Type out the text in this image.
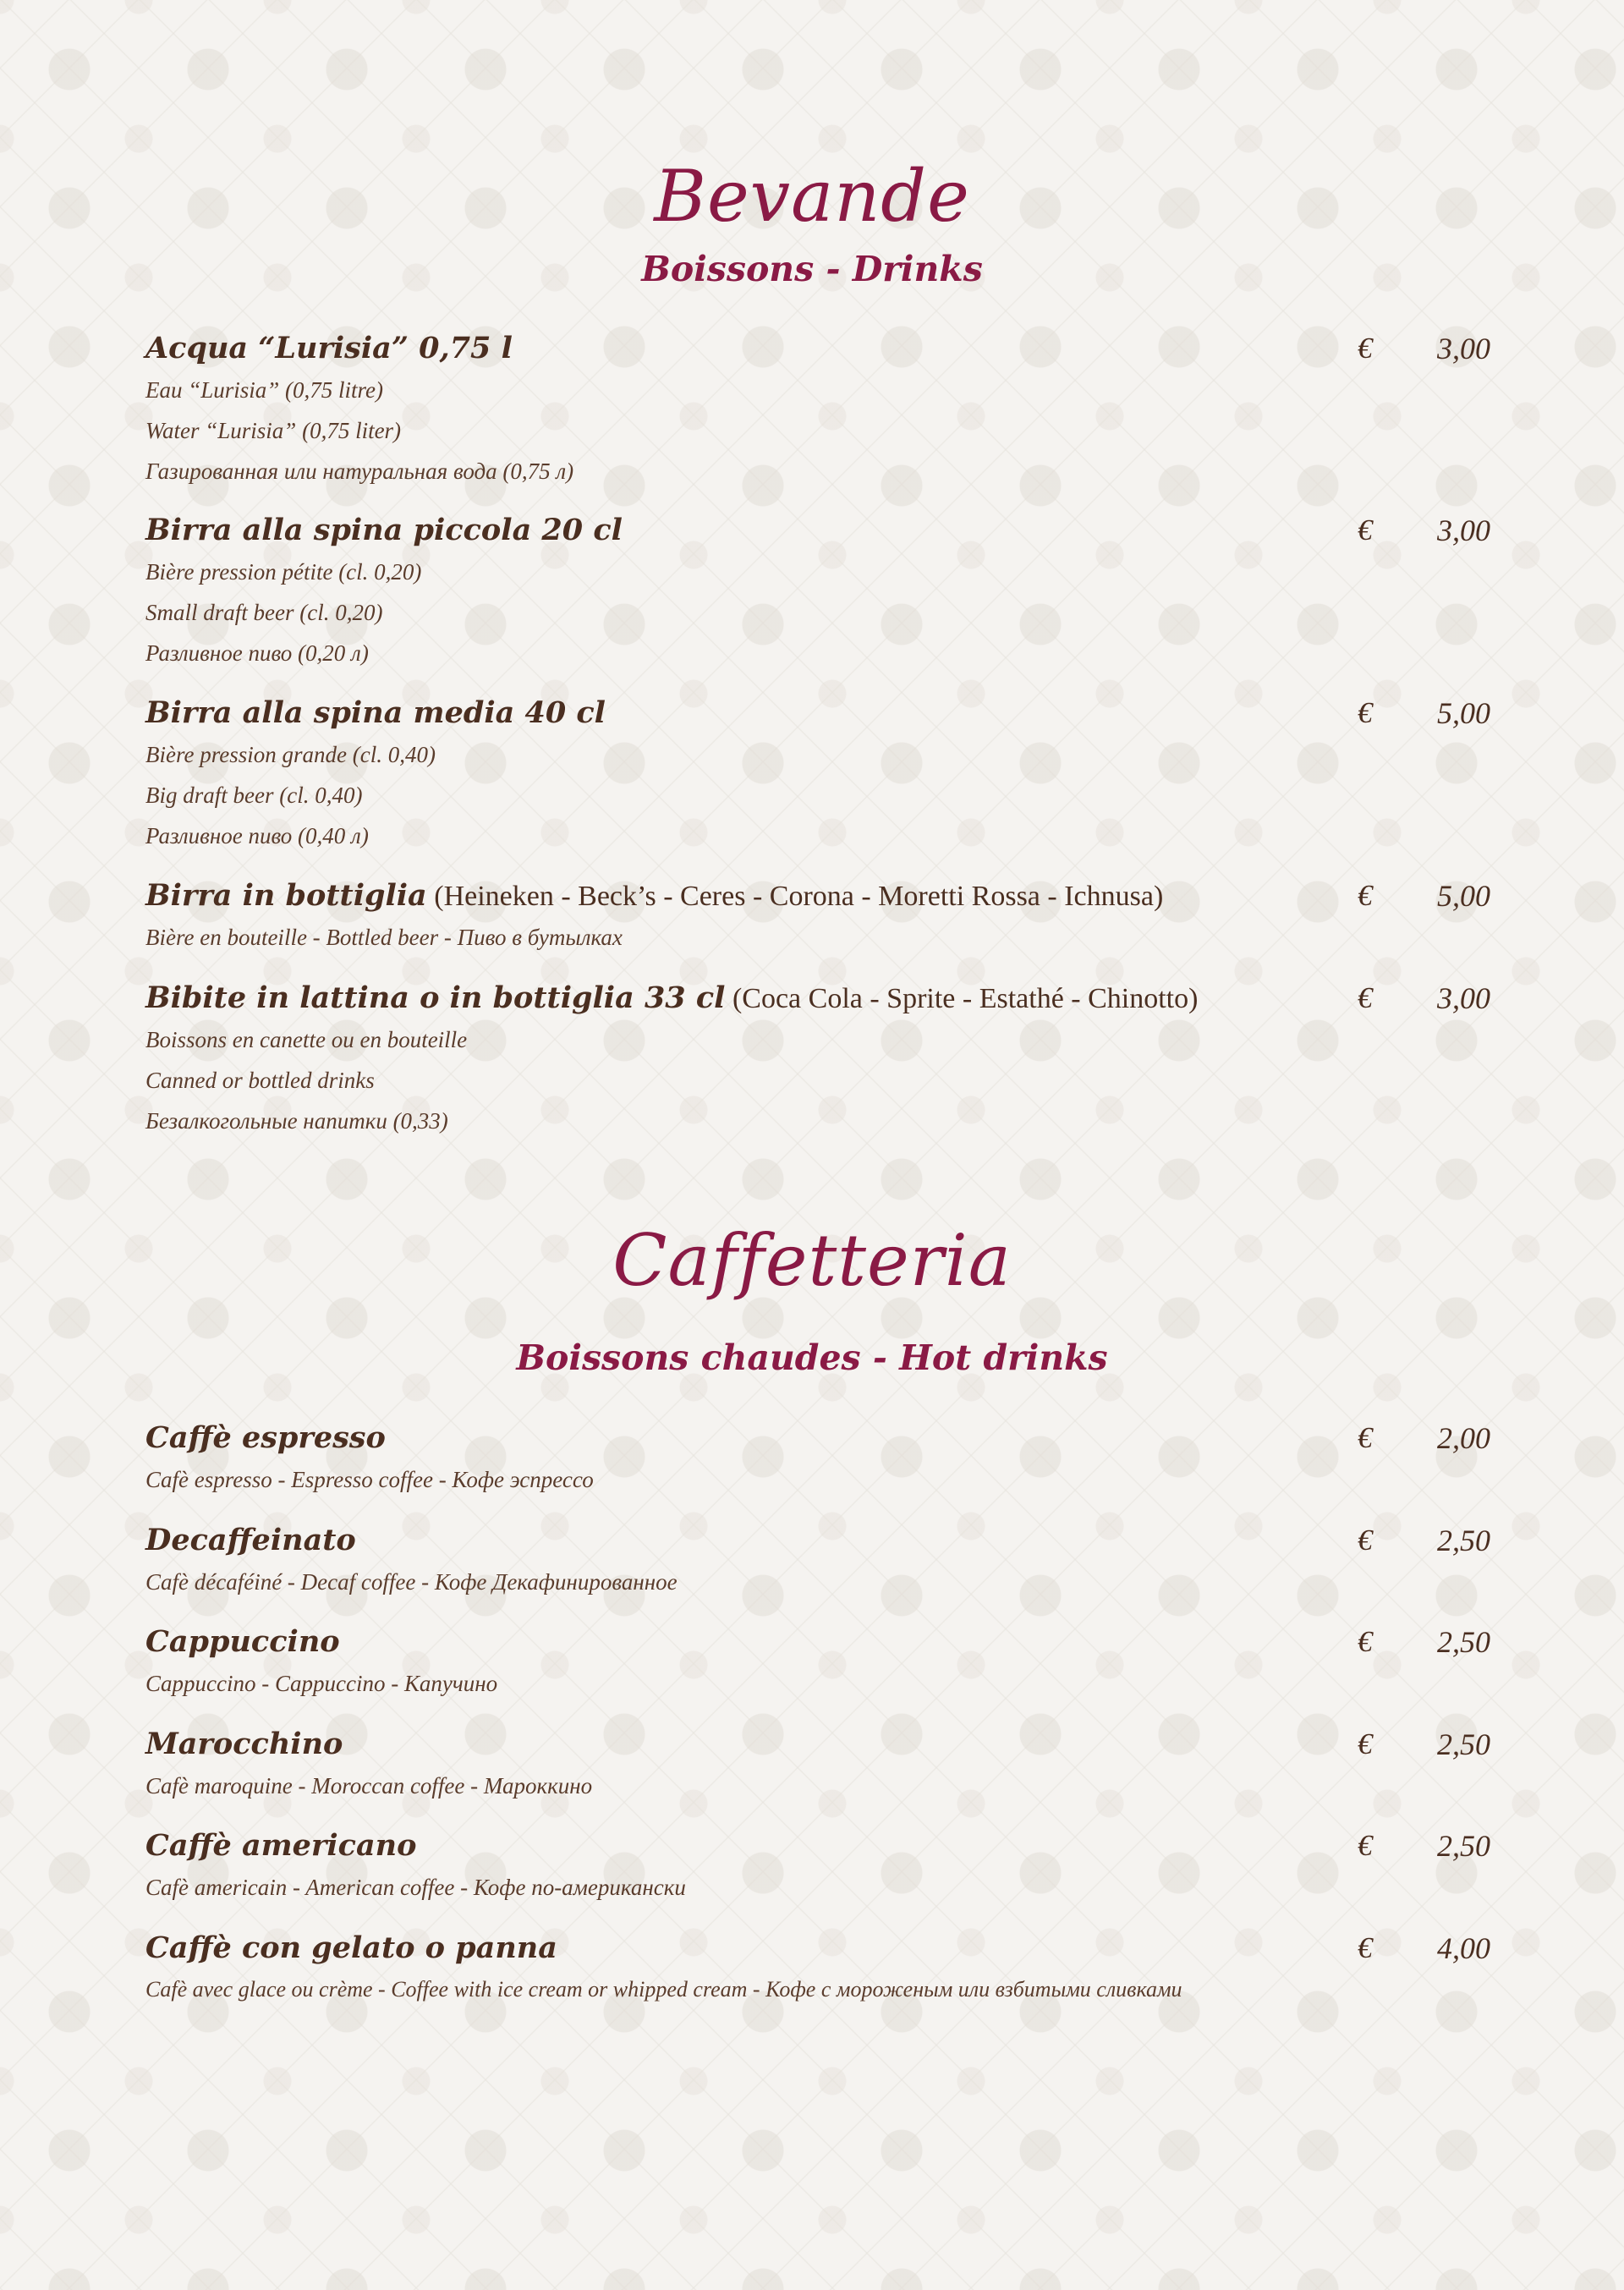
Bevande
Boissons - Drinks
Acqua “Lurisia” 0,75 l	€ 3,00
Eau “Lurisia” (0,75 litre)
Water “Lurisia” (0,75 liter)
Газированная или натуральная вода (0,75 л)
Birra alla spina piccola 20 cl	€ 3,00
Bière pression pétite (cl. 0,20)
Small draft beer (cl. 0,20)
Разливное пиво (0,20 л)
Birra alla spina media 40 cl	€ 5,00
Bière pression grande (cl. 0,40)
Big draft beer (cl. 0,40)
Разливное пиво (0,40 л)
Birra in bottiglia (Heineken - Beck’s - Ceres - Corona - Moretti Rossa - Ichnusa)	€ 5,00
Bière en bouteille - Bottled beer - Пиво в бутылках
Bibite in lattina o in bottiglia 33 cl (Coca Cola - Sprite - Estathé - Chinotto)	€ 3,00
Boissons en canette ou en bouteille
Canned or bottled drinks
Безалкогольные напитки (0,33)
Caffetteria
Boissons chaudes - Hot drinks
Caffè espresso	€ 2,00
Cafè espresso - Espresso coffee - Кофе эспрессо
Decaffeinato	€ 2,50
Cafè décaféiné - Decaf coffee - Кофе Декафинированное
Cappuccino	€ 2,50
Cappuccino - Cappuccino - Капучино
Marocchino	€ 2,50
Cafè maroquine - Moroccan coffee - Мароккино
Caffè americano	€ 2,50
Cafè americain - American coffee - Кофе по-американски
Caffè con gelato o panna	€ 4,00
Cafè avec glace ou crème - Coffee with ice cream or whipped cream - Кофе с мороженым или взбитыми сливками
